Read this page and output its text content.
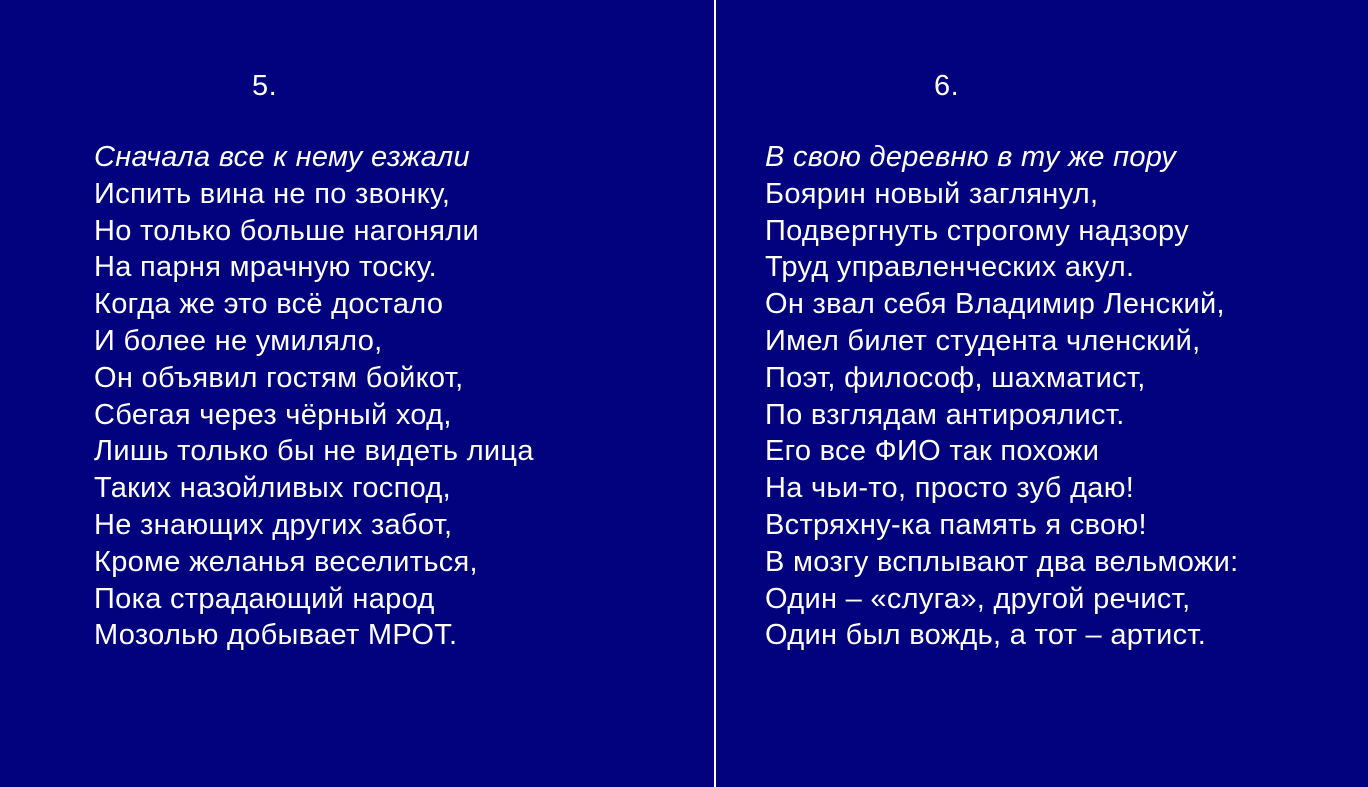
5.
Сначала все к нему езжали
Испить вина не по звонку,
Но только больше нагоняли
На парня мрачную тоску.
Когда же это всё достало
И более не умиляло,
Он объявил гостям бойкот,
Сбегая через чёрный ход,
Лишь только бы не видеть лица
Таких назойливых господ,
Не знающих других забот,
Кроме желанья веселиться,
Пока страдающий народ
Мозолью добывает МРОТ.
6.
В свою деревню в ту же пору
Боярин новый заглянул,
Подвергнуть строгому надзору
Труд управленческих акул.
Он звал себя Владимир Ленский,
Имел билет студента членский,
Поэт, философ, шахматист,
По взглядам антироялист.
Его все ФИО так похожи
На чьи-то, просто зуб даю!
Встряхну-ка память я свою!
В мозгу всплывают два вельможи:
Один – «слуга», другой речист,
Один был вождь, а тот – артист.
